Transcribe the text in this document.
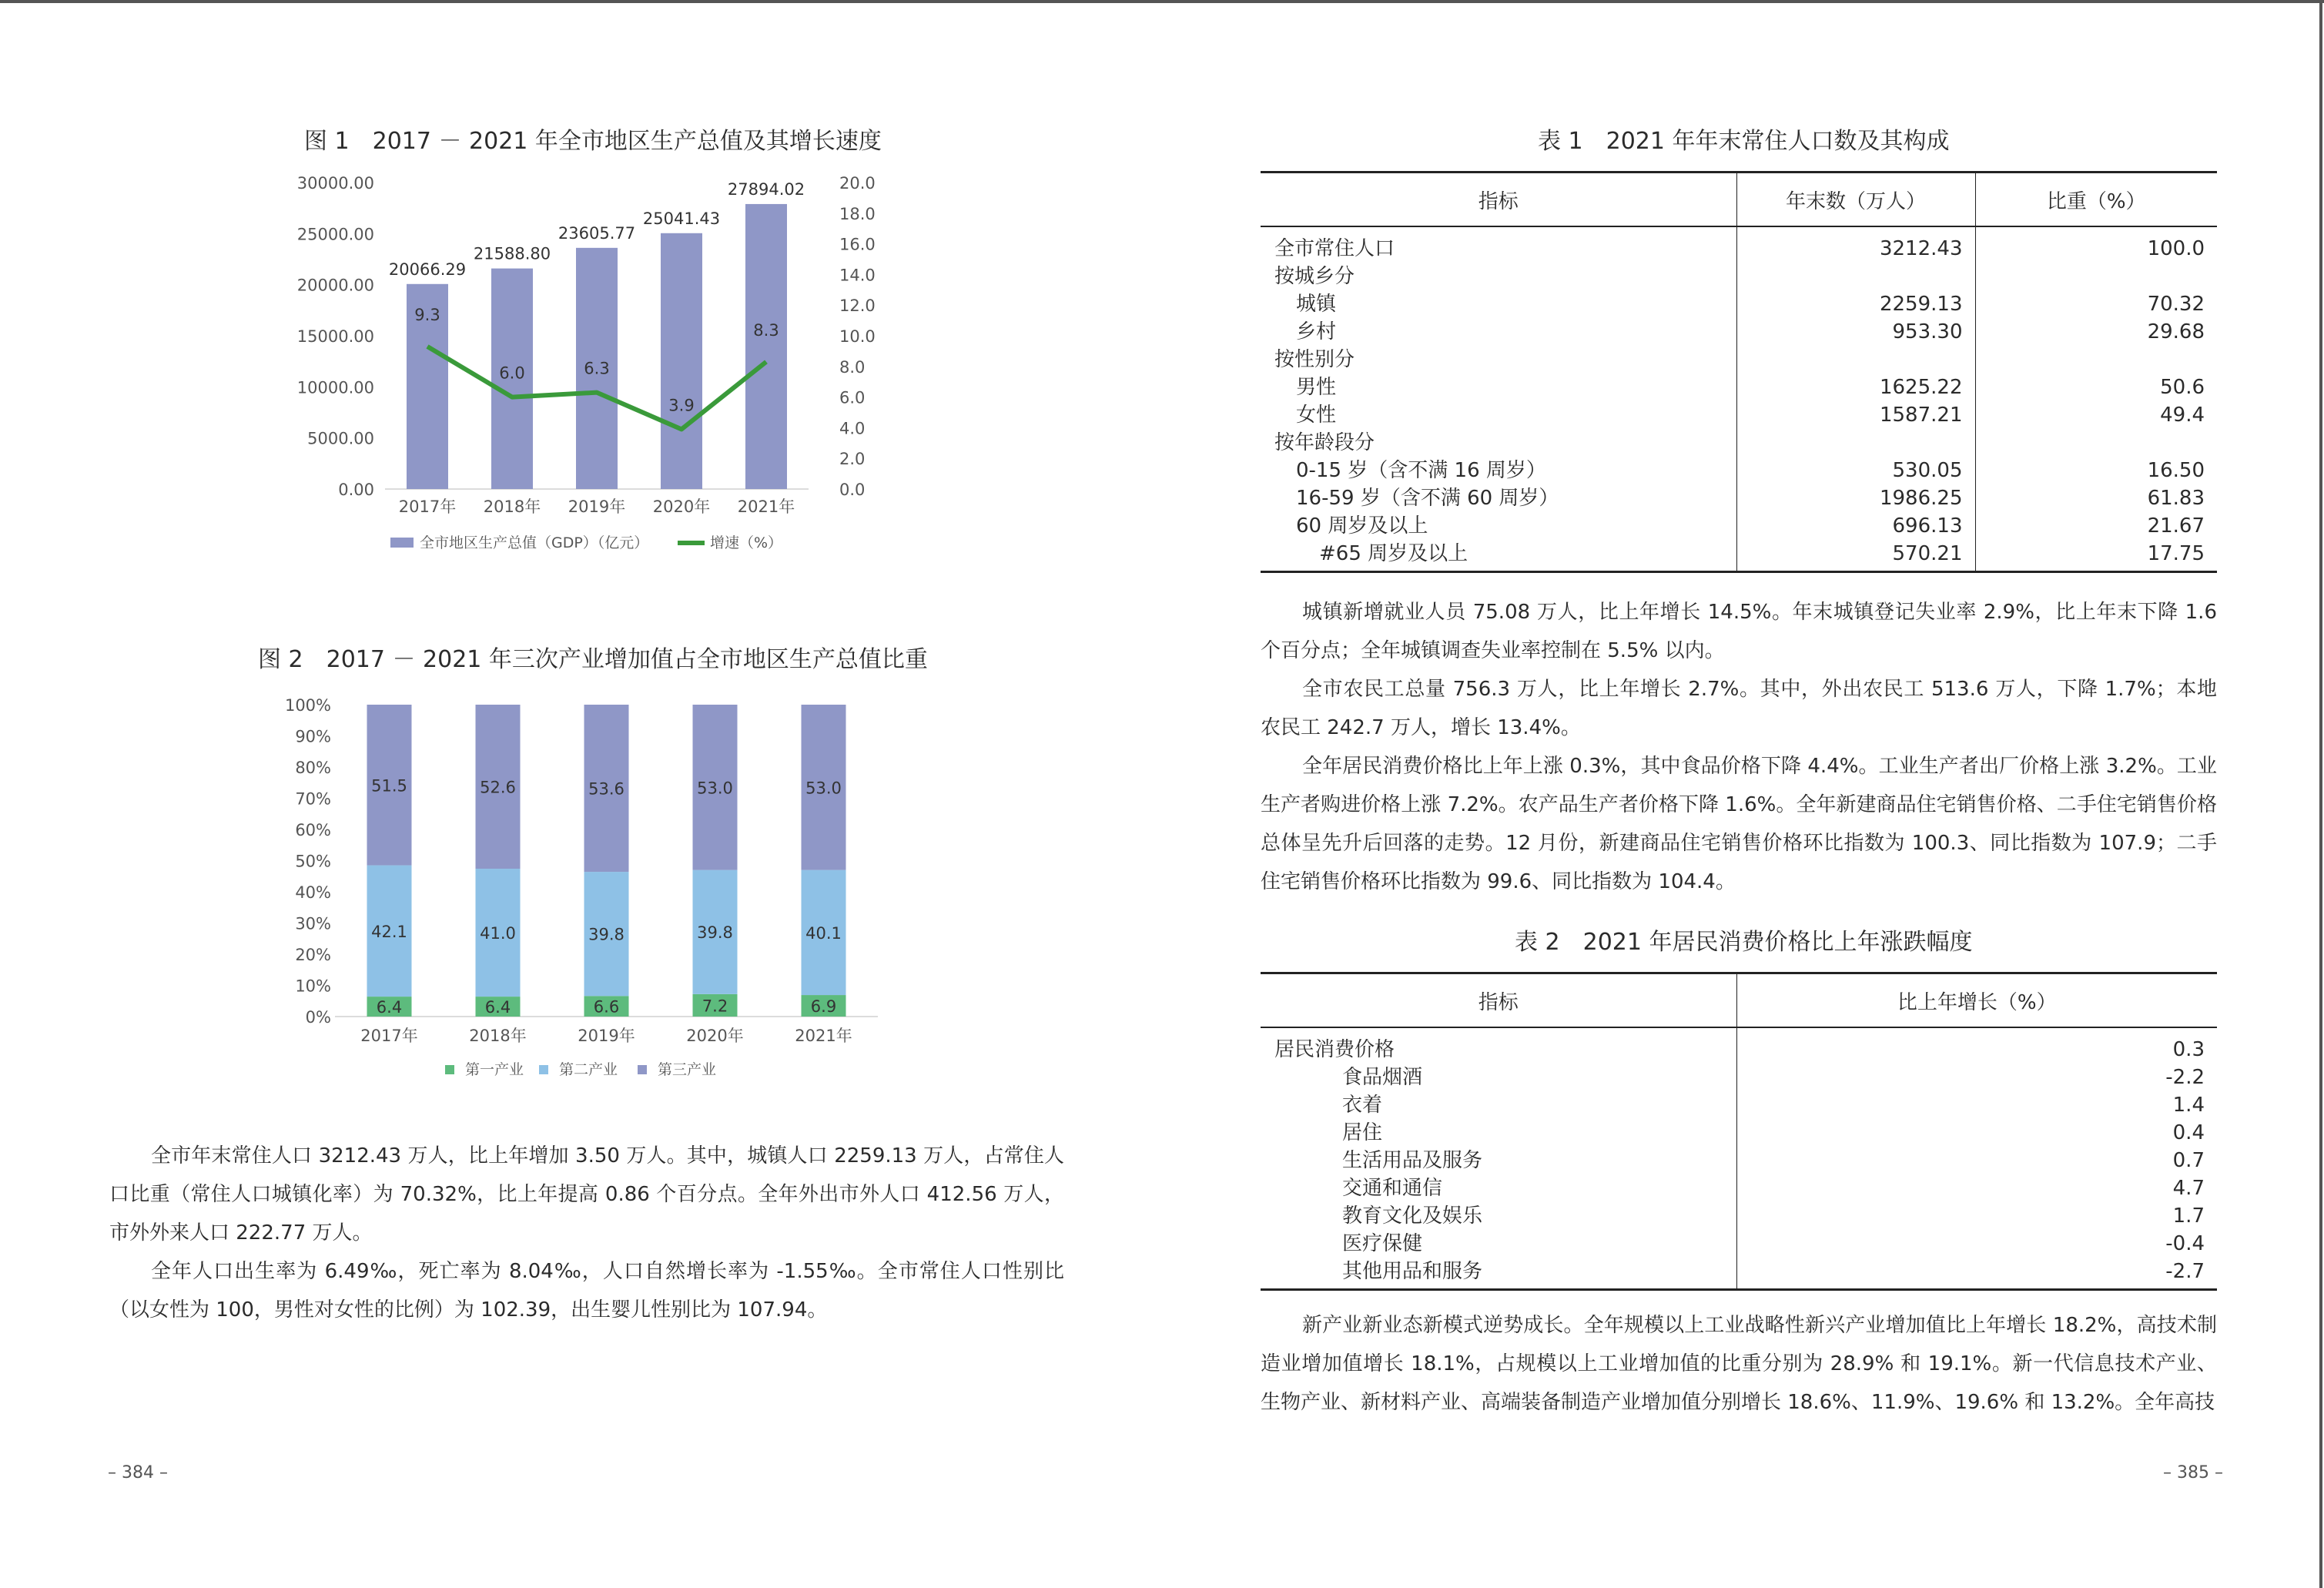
图 1　2017 － 2021 年全市地区生产总值及其增长速度
0.00
5000.00
10000.00
15000.00
20000.00
25000.00
30000.00
0.0
2.0
4.0
6.0
8.0
10.0
12.0
14.0
16.0
18.0
20.0
20066.29
21588.80
23605.77
25041.43
27894.02
2017年 2018年 2019年 2020年 2021年
9.3
6.0	6.3
3.9
8.3
全市地区生产总值（GDP）（亿元）	增速（%）
图 2　2017 － 2021 年三次产业增加值占全市地区生产总值比重
0%
10%
20%
30%
40%
50%
60%
70%
80%
90%
100%
6.4
42.1
51.5
2017年
6.4
41.0
52.6
2018年
6.6
39.8
53.6
2019年
7.2
39.8
53.0
2020年
6.9
40.1
53.0
2021年
第一产业 第二产业	第三产业
全市年末常住人口 3212.43 万人，比上年增加 3.50 万人。其中，城镇人口 2259.13 万人，占常住人口比重（常住人口城镇化率）为 70.32%，比上年提高 0.86 个百分点。全年外出市外人口 412.56 万人，市外外来人口 222.77 万人。
全年人口出生率为 6.49‰，死亡率为 8.04‰，人口自然增长率为 -1.55‰。全市常住人口性别比（以女性为 100，男性对女性的比例）为 102.39，出生婴儿性别比为 107.94。
– 384 –
表 1　2021 年年末常住人口数及其构成
指标	年末数（万人）	比重（%）
全市常住人口	3212.43	100.0
按城乡分		
城镇	2259.13	70.32
乡村	953.30	29.68
按性别分		
男性	1625.22	50.6
女性	1587.21	49.4
按年龄段分		
0-15 岁（含不满 16 周岁）	530.05	16.50
16-59 岁（含不满 60 周岁）	1986.25	61.83
60 周岁及以上	696.13	21.67
#65 周岁及以上	570.21	17.75
城镇新增就业人员 75.08 万人，比上年增长 14.5%。年末城镇登记失业率 2.9%，比上年末下降 1.6 个百分点；全年城镇调查失业率控制在 5.5% 以内。
全市农民工总量 756.3 万人，比上年增长 2.7%。其中，外出农民工 513.6 万人，下降 1.7%；本地农民工 242.7 万人，增长 13.4%。
全年居民消费价格比上年上涨 0.3%，其中食品价格下降 4.4%。工业生产者出厂价格上涨 3.2%。工业生产者购进价格上涨 7.2%。农产品生产者价格下降 1.6%。全年新建商品住宅销售价格、二手住宅销售价格总体呈先升后回落的走势。12 月份，新建商品住宅销售价格环比指数为 100.3、同比指数为 107.9；二手住宅销售价格环比指数为 99.6、同比指数为 104.4。
表 2　2021 年居民消费价格比上年涨跌幅度
指标	比上年增长（%）
居民消费价格	0.3
食品烟酒	-2.2
衣着	1.4
居住	0.4
生活用品及服务	0.7
交通和通信	4.7
教育文化及娱乐	1.7
医疗保健	-0.4
其他用品和服务	-2.7
新产业新业态新模式逆势成长。全年规模以上工业战略性新兴产业增加值比上年增长 18.2%，高技术制造业增加值增长 18.1%，占规模以上工业增加值的比重分别为 28.9% 和 19.1%。新一代信息技术产业、生物产业、新材料产业、高端装备制造产业增加值分别增长 18.6%、11.9%、19.6% 和 13.2%。全年高技
– 385 –
